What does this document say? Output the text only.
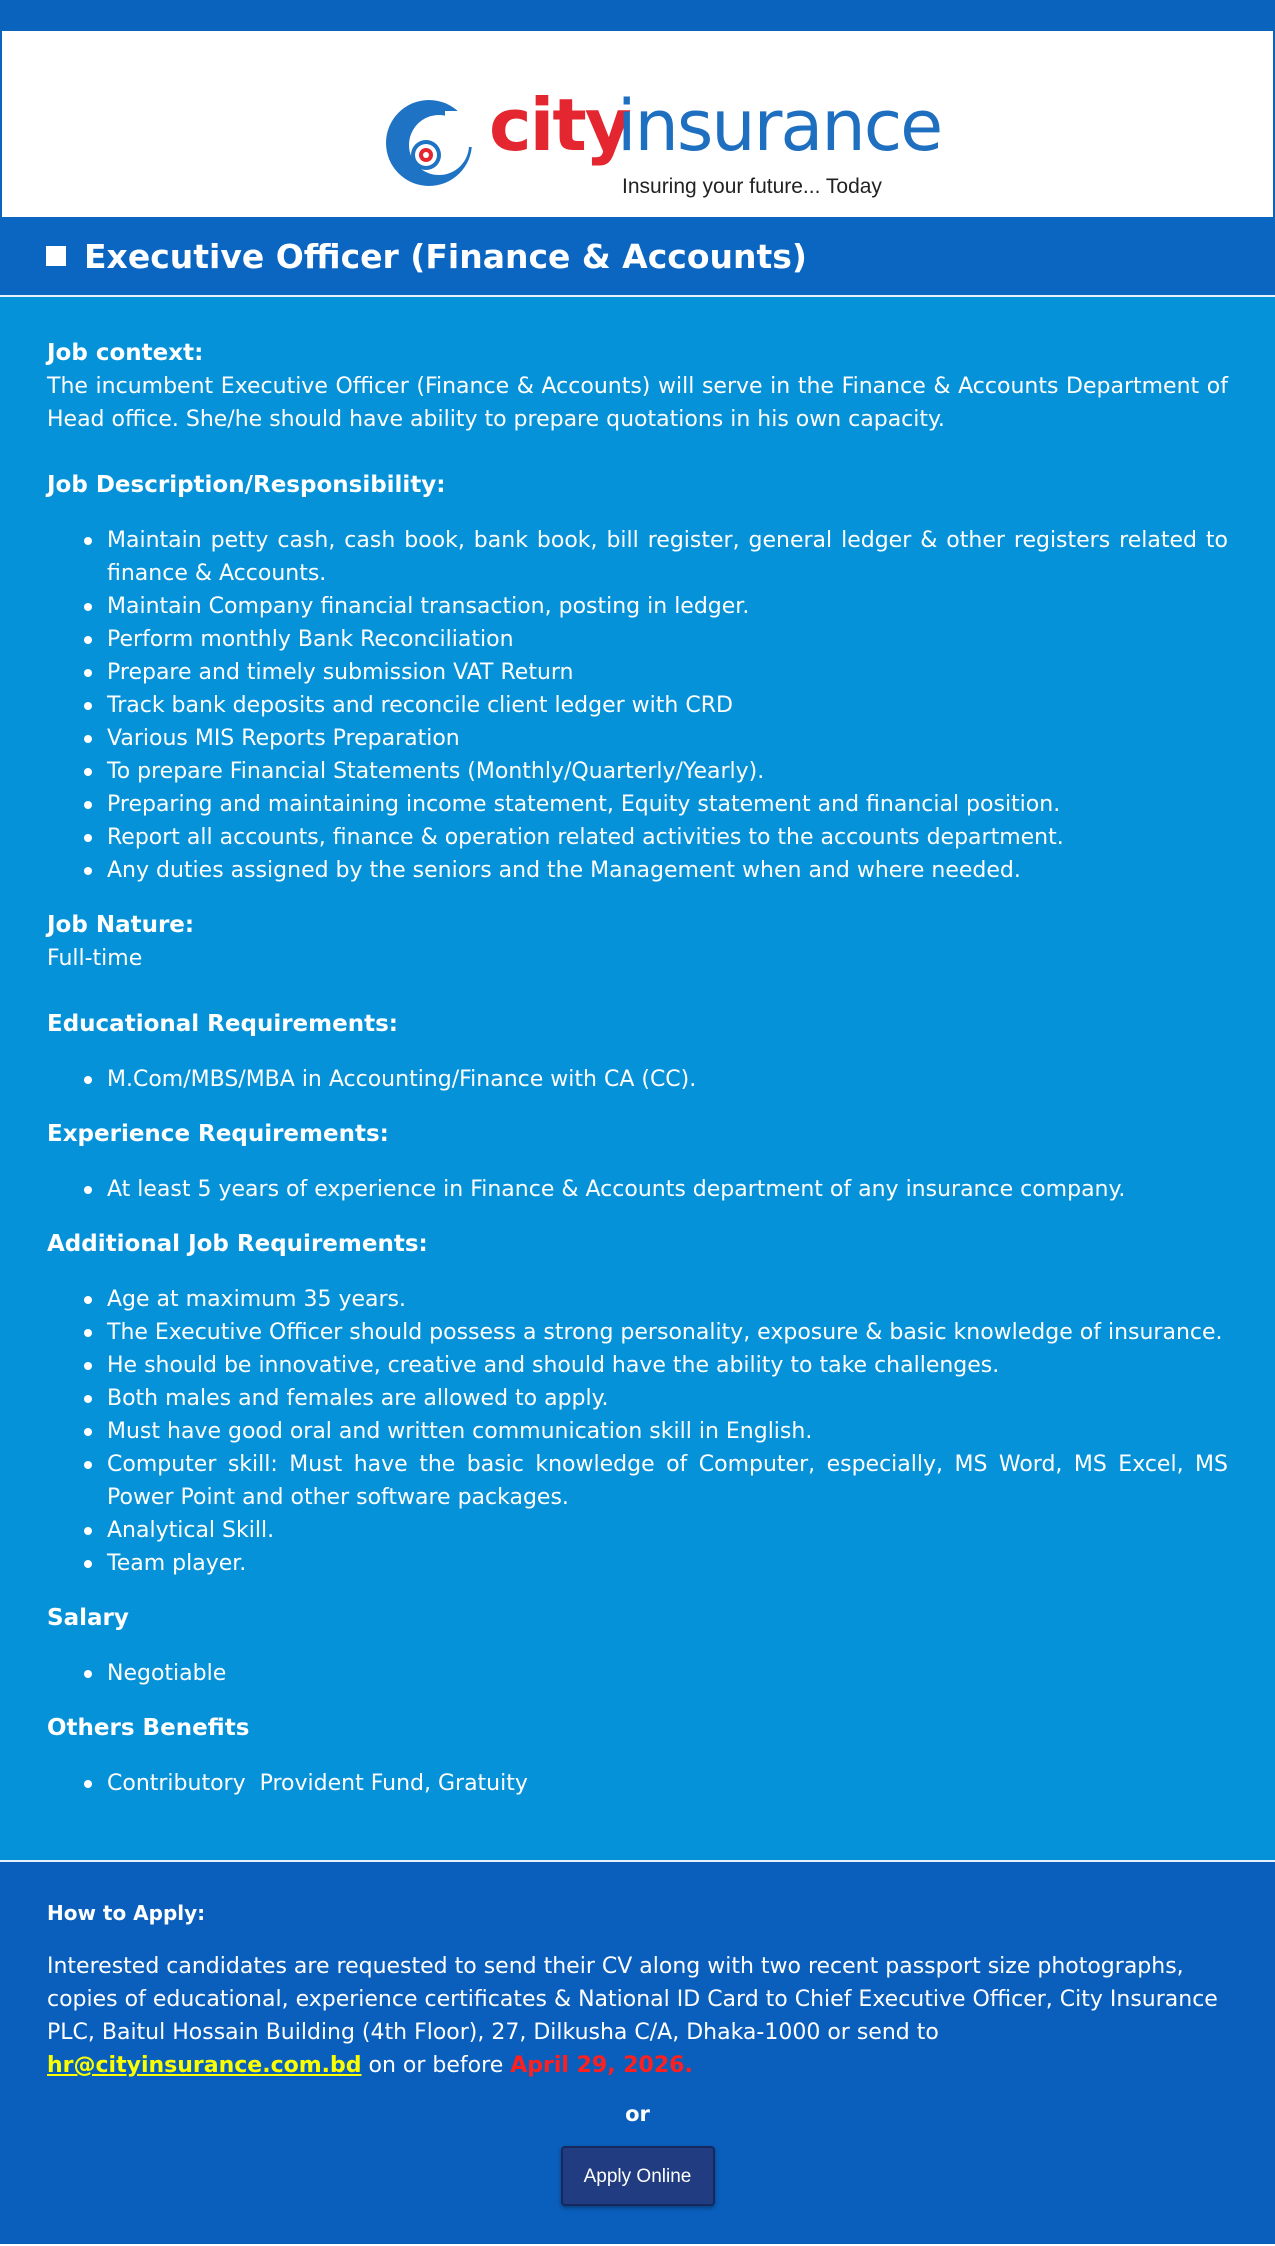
city
insurance
Insuring your future... Today
Executive Officer (Finance & Accounts)
Job context:
The incumbent Executive Officer (Finance & Accounts) will serve in the Finance & Accounts Department of Head office. She/he should have ability to prepare quotations in his own capacity.
Job Description/Responsibility:
Maintain petty cash, cash book, bank book, bill register, general ledger & other registers related to finance & Accounts.
Maintain Company financial transaction, posting in ledger.
Perform monthly Bank Reconciliation
Prepare and timely submission VAT Return
Track bank deposits and reconcile client ledger with CRD
Various MIS Reports Preparation
To prepare Financial Statements (Monthly/Quarterly/Yearly).
Preparing and maintaining income statement, Equity statement and financial position.
Report all accounts, finance & operation related activities to the accounts department.
Any duties assigned by the seniors and the Management when and where needed.
Job Nature:
Full-time
Educational Requirements:
M.Com/MBS/MBA in Accounting/Finance with CA (CC).
Experience Requirements:
At least 5 years of experience in Finance & Accounts department of any insurance company.
Additional Job Requirements:
Age at maximum 35 years.
The Executive Officer should possess a strong personality, exposure & basic knowledge of insurance.
He should be innovative, creative and should have the ability to take challenges.
Both males and females are allowed to apply.
Must have good oral and written communication skill in English.
Computer skill: Must have the basic knowledge of Computer, especially, MS Word, MS Excel, MS Power Point and other software packages.
Analytical Skill.
Team player.
Salary
Negotiable
Others Benefits
Contributory  Provident Fund, Gratuity
How to Apply:

Interested candidates are requested to send their CV along with two recent passport size photographs, copies of educational, experience certificates & National ID Card to Chief Executive Officer, City Insurance PLC, Baitul Hossain Building (4th Floor), 27, Dilkusha C/A, Dhaka-1000 or send to hr@cityinsurance.com.bd on or before April 29, 2026.

or
Apply Online
